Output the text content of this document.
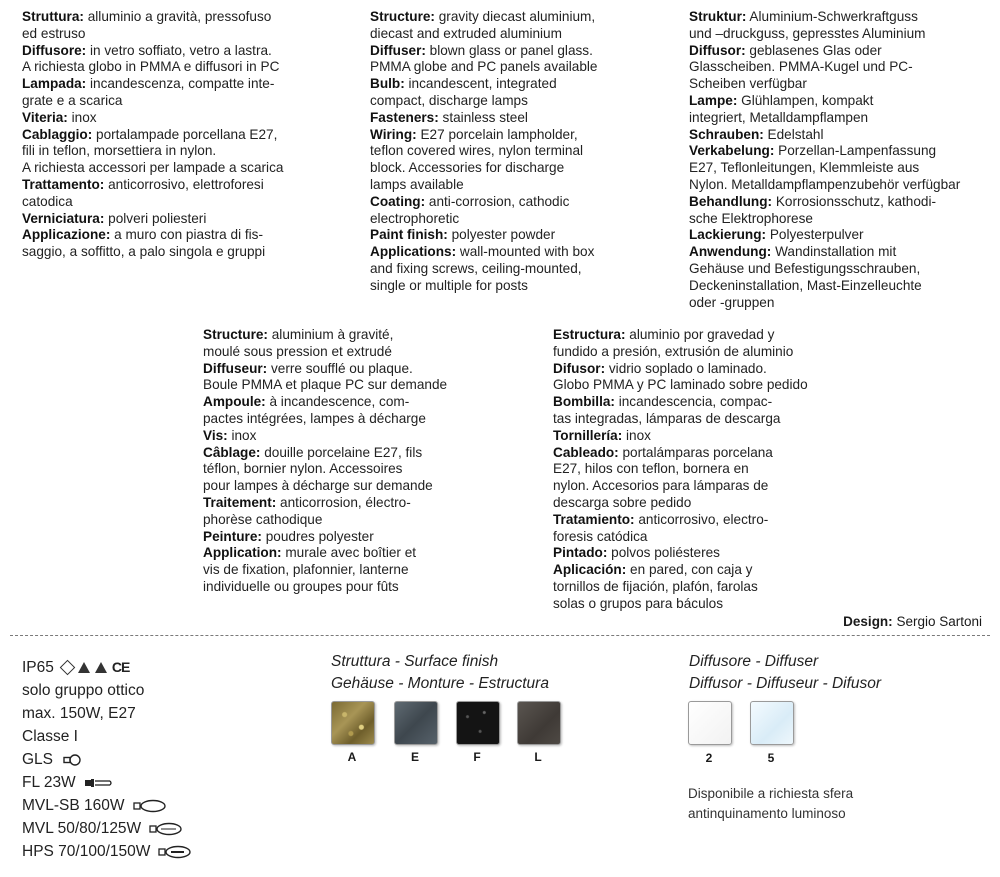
Struttura: alluminio a gravità, pressofuso
ed estruso
Diffusore: in vetro soffiato, vetro a lastra.
A richiesta globo in PMMA e diffusori in PC
Lampada: incandescenza, compatte inte-
grate e a scarica
Viteria: inox
Cablaggio: portalampade porcellana E27,
fili in teflon, morsettiera in nylon.
A richiesta accessori per lampade a scarica
Trattamento: anticorrosivo, elettroforesi
catodica
Verniciatura: polveri poliesteri
Applicazione: a muro con piastra di fis-
saggio, a soffitto, a palo singola e gruppi
Structure: gravity diecast aluminium,
diecast and extruded aluminium
Diffuser: blown glass or panel glass.
PMMA globe and PC panels available
Bulb: incandescent, integrated
compact, discharge lamps
Fasteners: stainless steel
Wiring: E27 porcelain lampholder,
teflon covered wires, nylon terminal
block. Accessories for discharge
lamps available
Coating: anti-corrosion, cathodic
electrophoretic
Paint finish: polyester powder
Applications: wall-mounted with box
and fixing screws, ceiling-mounted,
single or multiple for posts
Struktur: Aluminium-Schwerkraftguss
und –druckguss, gepresstes Aluminium
Diffusor: geblasenes Glas oder
Glasscheiben. PMMA-Kugel und PC-
Scheiben verfügbar
Lampe: Glühlampen, kompakt
integriert, Metalldampflampen
Schrauben: Edelstahl
Verkabelung: Porzellan-Lampenfassung
E27, Teflonleitungen, Klemmleiste aus
Nylon. Metalldampflampenzubehör verfügbar
Behandlung: Korrosionsschutz, kathodi-
sche Elektrophorese
Lackierung: Polyesterpulver
Anwendung: Wandinstallation mit
Gehäuse und Befestigungsschrauben,
Deckeninstallation, Mast-Einzelleuchte
oder -gruppen
Structure: aluminium à gravité,
moulé sous pression et extrudé
Diffuseur: verre soufflé ou plaque.
Boule PMMA et plaque PC sur demande
Ampoule: à incandescence, com-
pactes intégrées, lampes à décharge
Vis: inox
Câblage: douille porcelaine E27, fils
téflon, bornier nylon. Accessoires
pour lampes à décharge sur demande
Traitement: anticorrosion, électro-
phorèse cathodique
Peinture: poudres polyester
Application: murale avec boîtier et
vis de fixation, plafonnier, lanterne
individuelle ou groupes pour fûts
Estructura: aluminio por gravedad y
fundido a presión, extrusión de aluminio
Difusor: vidrio soplado o laminado.
Globo PMMA y PC laminado sobre pedido
Bombilla: incandescencia, compac-
tas integradas, lámparas de descarga
Tornillería: inox
Cableado: portalámparas porcelana
E27, hilos con teflon, bornera en
nylon. Accesorios para lámparas de
descarga sobre pedido
Tratamiento: anticorrosivo, electro-
foresis catódica
Pintado: polvos poliésteres
Aplicación: en pared, con caja y
tornillos de fijación, plafón, farolas
solas o grupos para báculos
Design: Sergio Sartoni
IP65	CE
solo gruppo ottico
max. 150W, E27
Classe I
GLS
FL 23W
MVL-SB 160W
MVL 50/80/125W
HPS 70/100/150W
Struttura - Surface finish
Gehäuse - Monture - Estructura
A	E	F	L
Diffusore - Diffuser
Diffusor - Diffuseur - Difusor
2	5
Disponibile a richiesta sfera
antinquinamento luminoso
